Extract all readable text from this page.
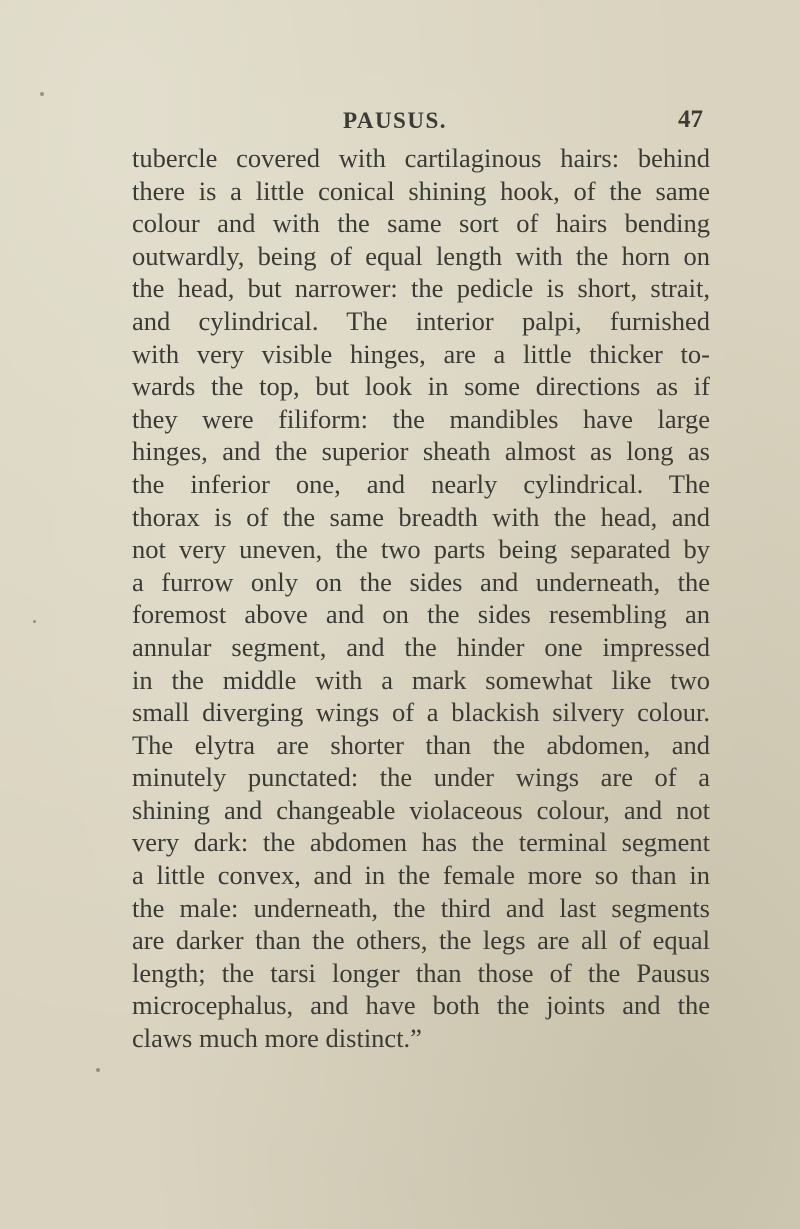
PAUSUS.	47
tubercle covered with cartilaginous hairs: behind
there is a little conical shining hook, of the same
colour and with the same sort of hairs bending
outwardly, being of equal length with the horn on
the head, but narrower: the pedicle is short, strait,
and cylindrical. The interior palpi, furnished
with very visible hinges, are a little thicker to-
wards the top, but look in some directions as if
they were filiform: the mandibles have large
hinges, and the superior sheath almost as long as
the inferior one, and nearly cylindrical. The
thorax is of the same breadth with the head, and
not very uneven, the two parts being separated by
a furrow only on the sides and underneath, the
foremost above and on the sides resembling an
annular segment, and the hinder one impressed
in the middle with a mark somewhat like two
small diverging wings of a blackish silvery colour.
The elytra are shorter than the abdomen, and
minutely punctated: the under wings are of a
shining and changeable violaceous colour, and not
very dark: the abdomen has the terminal segment
a little convex, and in the female more so than in
the male: underneath, the third and last segments
are darker than the others, the legs are all of equal
length; the tarsi longer than those of the Pausus
microcephalus, and have both the joints and the
claws much more distinct.”
